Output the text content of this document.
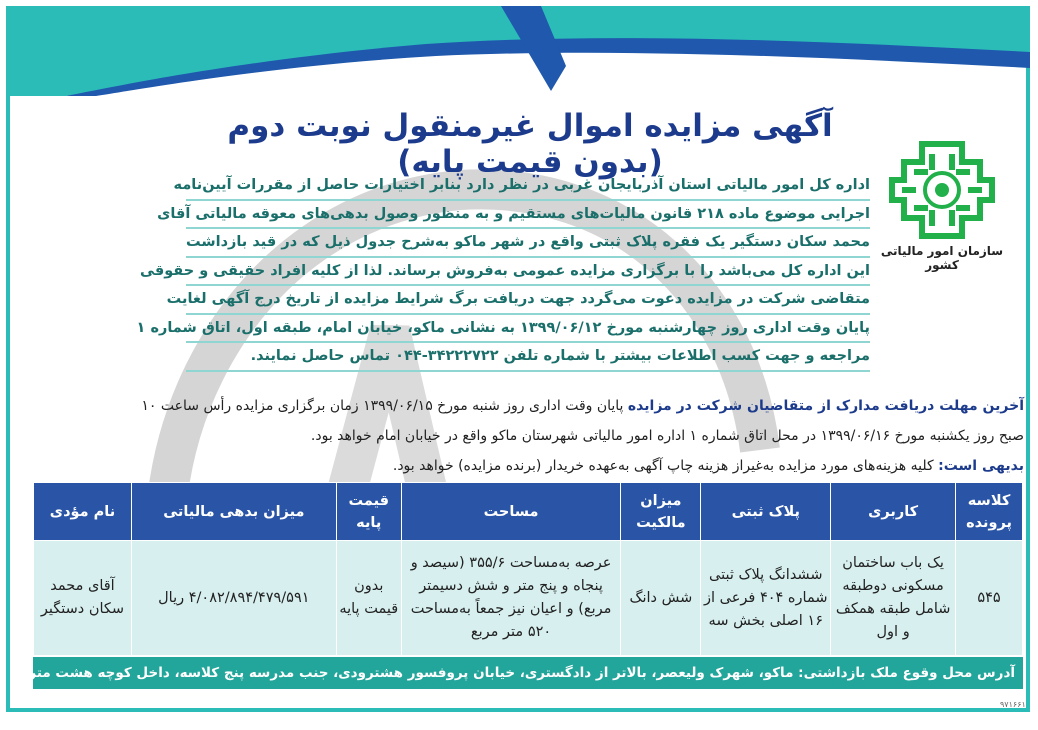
آگهی مزایده اموال غیرمنقول نوبت دوم (بدون قیمت پایه)
سازمان امور مالیاتی کشور
اداره کل امور مالیاتی استان آذربایجان غربی در نظر دارد بنابر اختیارات حاصل از مقررات آیین‌نامه
اجرایی موضوع ماده ۲۱۸ قانون مالیات‌های مستقیم و به منظور وصول بدهی‌های معوقه مالیاتی آقای
محمد سکان دستگیر یک فقره پلاک ثبتی واقع در شهر ماکو به‌شرح جدول ذیل که در قید بازداشت
این اداره کل می‌باشد را با برگزاری مزایده عمومی به‌فروش برساند. لذا از کلیه افراد حقیقی و حقوقی
متقاضی شرکت در مزایده دعوت می‌گردد جهت دریافت برگ شرایط مزایده از تاریخ درج آگهی لغایت
پایان وقت اداری روز چهارشنبه مورخ ۱۳۹۹/۰۶/۱۲ به نشانی ماکو، خیابان امام، طبقه اول، اتاق شماره ۱
مراجعه و جهت کسب اطلاعات بیشتر با شماره تلفن ۳۴۲۲۲۷۲۲-۰۴۴ تماس حاصل نمایند.
آخرین مهلت دریافت مدارک از متقاضیان شرکت در مزایده پایان وقت اداری روز شنبه مورخ ۱۳۹۹/۰۶/۱۵ زمان برگزاری مزایده رأس ساعت ۱۰
صبح روز یکشنبه مورخ ۱۳۹۹/۰۶/۱۶ در محل اتاق شماره ۱ اداره امور مالیاتی شهرستان ماکو واقع در خیابان امام خواهد بود.
بدیهی است: کلیه هزینه‌های مورد مزایده به‌غیراز هزینه چاپ آگهی به‌عهده خریدار (برنده مزایده) خواهد بود.
کلاسه پرونده	کاربری	پلاک ثبتی	میزان مالکیت	مساحت	قیمت پایه	میزان بدهی مالیاتی	نام مؤدی
۵۴۵	یک باب ساختمان مسکونی دوطبقه شامل طبقه همکف و اول	ششدانگ پلاک ثبتی شماره ۴۰۴ فرعی از ۱۶ اصلی بخش سه	شش دانگ	عرصه به‌مساحت ۳۵۵/۶ (سیصد و پنجاه و پنج متر و شش دسیمتر مربع) و اعیان نیز جمعاً به‌مساحت ۵۲۰ متر مربع	بدون قیمت پایه	۴/۰۸۲/۸۹۴/۴۷۹/۵۹۱ ریال	آقای محمد سکان دستگیر
آدرس محل وقوع ملک بازداشتی: ماکو، شهرک ولیعصر، بالاتر از دادگستری، خیابان پروفسور هشترودی، جنب مدرسه پنج کلاسه، داخل کوچه هشت متری
۹۷۱۶۶۱
